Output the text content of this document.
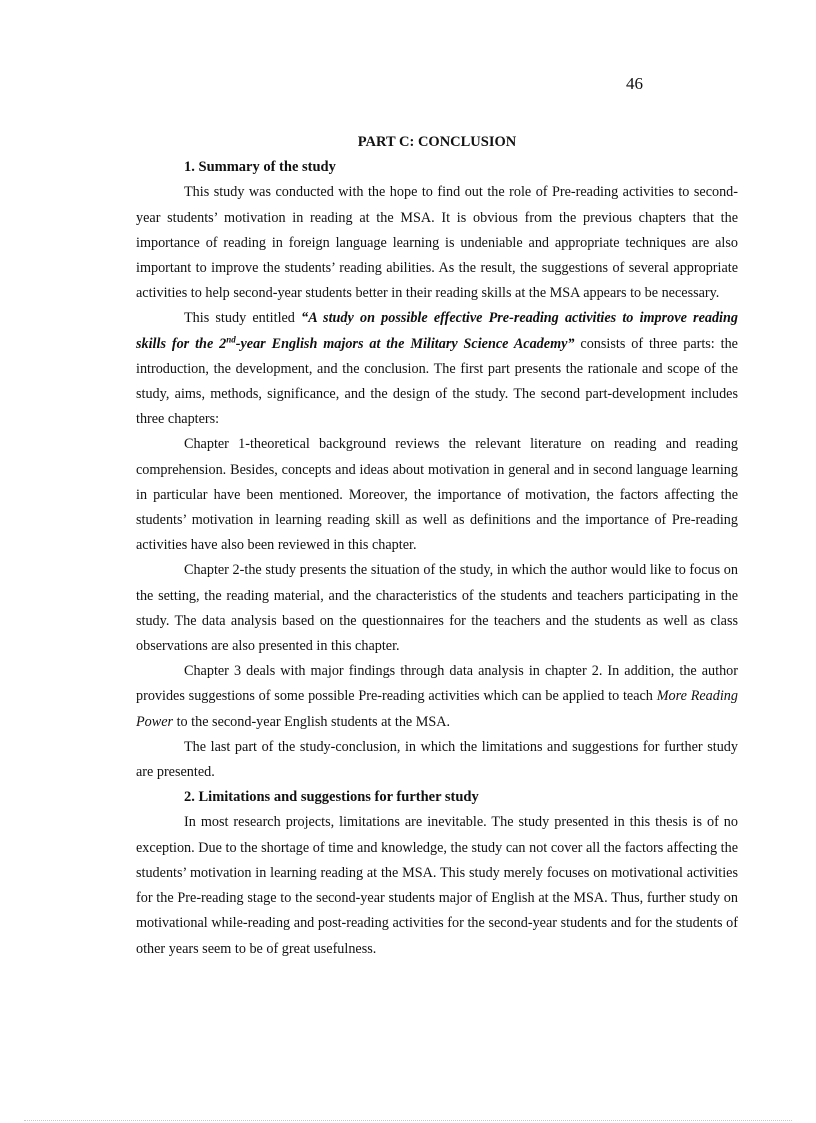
46
PART C: CONCLUSION
1. Summary of the study

This study was conducted with the hope to find out the role of Pre-reading activities to second-year students’ motivation in reading at the MSA. It is obvious from the previous chapters that the importance of reading in foreign language learning is undeniable and appropriate techniques are also important to improve the students’ reading abilities. As the result, the suggestions of several appropriate activities to help second-year students better in their reading skills at the MSA appears to be necessary.

This study entitled “A study on possible effective Pre-reading activities to improve reading skills for the 2nd-year English majors at the Military Science Academy” consists of three parts: the introduction, the development, and the conclusion. The first part presents the rationale and scope of the study, aims, methods, significance, and the design of the study. The second part-development includes three chapters:

Chapter 1-theoretical background reviews the relevant literature on reading and reading comprehension. Besides, concepts and ideas about motivation in general and in second language learning in particular have been mentioned. Moreover, the importance of motivation, the factors affecting the students’ motivation in learning reading skill as well as definitions and the importance of Pre-reading activities have also been reviewed in this chapter.

Chapter 2-the study presents the situation of the study, in which the author would like to focus on the setting, the reading material, and the characteristics of the students and teachers participating in the study. The data analysis based on the questionnaires for the teachers and the students as well as class observations are also presented in this chapter.

Chapter 3 deals with major findings through data analysis in chapter 2. In addition, the author provides suggestions of some possible Pre-reading activities which can be applied to teach More Reading Power to the second-year English students at the MSA.

The last part of the study-conclusion, in which the limitations and suggestions for further study are presented.

2. Limitations and suggestions for further study

In most research projects, limitations are inevitable. The study presented in this thesis is of no exception. Due to the shortage of time and knowledge, the study can not cover all the factors affecting the students’ motivation in learning reading at the MSA. This study merely focuses on motivational activities for the Pre-reading stage to the second-year students major of English at the MSA. Thus, further study on motivational while-reading and post-reading activities for the second-year students and for the students of other years seem to be of great usefulness.
